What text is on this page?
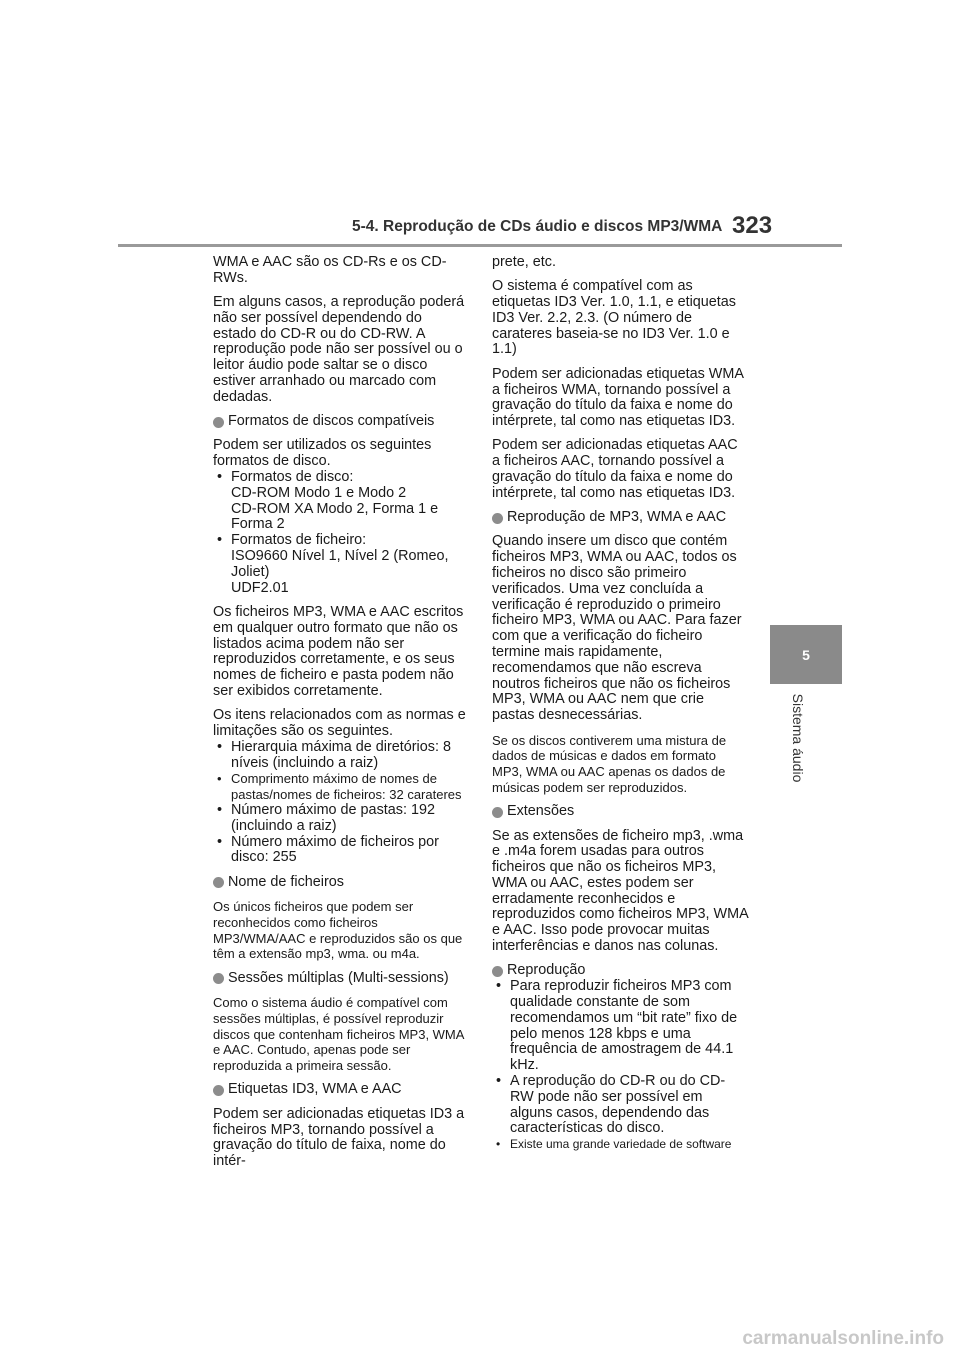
5-4. Reprodução de CDs áudio e discos MP3/WMA 323
5
Sistema áudio

WMA e AAC são os CD-Rs e os CD-RWs.

Em alguns casos, a reprodução poderá não ser possível dependendo do estado do CD-R ou do CD-RW. A reprodução pode não ser possível ou o leitor áudio pode saltar se o disco estiver arranhado ou marcado com dedadas.

Formatos de discos compatíveis

Podem ser utilizados os seguintes formatos de disco.

• Formatos de disco:
CD-ROM Modo 1 e Modo 2
CD-ROM XA Modo 2, Forma 1 e Forma 2
• Formatos de ficheiro:
ISO9660 Nível 1, Nível 2 (Romeo, Joliet)
UDF2.01

Os ficheiros MP3, WMA e AAC escritos em qualquer outro formato que não os listados acima podem não ser reproduzidos corretamente, e os seus nomes de ficheiro e pasta podem não ser exibidos corretamente.

Os itens relacionados com as normas e limitações são os seguintes.

• Hierarquia máxima de diretórios: 8 níveis (incluindo a raiz)
• Comprimento máximo de nomes de pastas/nomes de ficheiros: 32 carateres
• Número máximo de pastas: 192 (incluindo a raiz)
• Número máximo de ficheiros por disco: 255
Nome de ficheiros

Os únicos ficheiros que podem ser reconhecidos como ficheiros MP3/WMA/AAC e reproduzidos são os que têm a extensão mp3, wma. ou m4a.

Sessões múltiplas (Multi-sessions)

Como o sistema áudio é compatível com sessões múltiplas, é possível reproduzir discos que contenham ficheiros MP3, WMA e AAC. Contudo, apenas pode ser reproduzida a primeira sessão.

Etiquetas ID3, WMA e AAC

Podem ser adicionadas etiquetas ID3 a ficheiros MP3, tornando possível a gravação do título de faixa, nome do intér-

prete, etc.

O sistema é compatível com as etiquetas ID3 Ver. 1.0, 1.1, e etiquetas ID3 Ver. 2.2, 2.3. (O número de carateres baseia-se no ID3 Ver. 1.0 e 1.1)

Podem ser adicionadas etiquetas WMA a ficheiros WMA, tornando possível a gravação do título da faixa e nome do intérprete, tal como nas etiquetas ID3.

Podem ser adicionadas etiquetas AAC a ficheiros AAC, tornando possível a gravação do título da faixa e nome do intérprete, tal como nas etiquetas ID3.

Reprodução de MP3, WMA e AAC

Quando insere um disco que contém ficheiros MP3, WMA ou AAC, todos os ficheiros no disco são primeiro verificados. Uma vez concluída a verificação é reproduzido o primeiro ficheiro MP3, WMA ou AAC. Para fazer com que a verificação do ficheiro termine mais rapidamente, recomendamos que não escreva noutros ficheiros que não os ficheiros MP3, WMA ou AAC nem que crie pastas desnecessárias.

Se os discos contiverem uma mistura de dados de músicas e dados em formato MP3, WMA ou AAC apenas os dados de músicas podem ser reproduzidos.

Extensões

Se as extensões de ficheiro mp3, .wma e .m4a forem usadas para outros ficheiros que não os ficheiros MP3, WMA ou AAC, estes podem ser erradamente reconhecidos e reproduzidos como ficheiros MP3, WMA e AAC. Isso pode provocar muitas interferências e danos nas colunas.

Reprodução
• Para reproduzir ficheiros MP3 com qualidade constante de som recomendamos um “bit rate” fixo de pelo menos 128 kbps e uma frequência de amostragem de 44.1 kHz.
• A reprodução do CD-R ou do CD-RW pode não ser possível em alguns casos, dependendo das características do disco.
• Existe uma grande variedade de software
carmanualsonline.info
